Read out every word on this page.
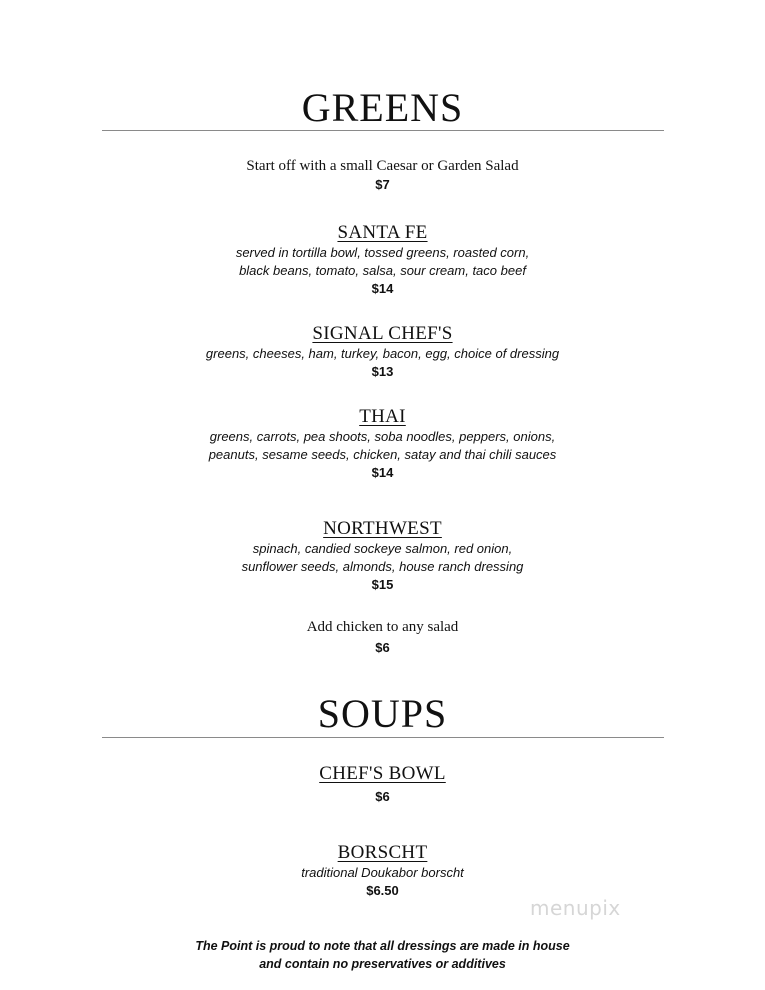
GREENS
Start off with a small Caesar or Garden Salad
$7
SANTA FE
served in tortilla bowl, tossed greens, roasted corn,
black beans, tomato, salsa, sour cream, taco beef
$14
SIGNAL CHEF'S
greens, cheeses, ham, turkey, bacon, egg, choice of dressing
$13
THAI
greens, carrots, pea shoots, soba noodles, peppers, onions,
peanuts, sesame seeds, chicken, satay and thai chili sauces
$14
NORTHWEST
spinach, candied sockeye salmon, red onion,
sunflower seeds, almonds, house ranch dressing
$15
Add chicken to any salad
$6
SOUPS
CHEF'S BOWL
$6
BORSCHT
traditional Doukabor borscht
$6.50
menupix
The Point is proud to note that all dressings are made in house
and contain no preservatives or additives
